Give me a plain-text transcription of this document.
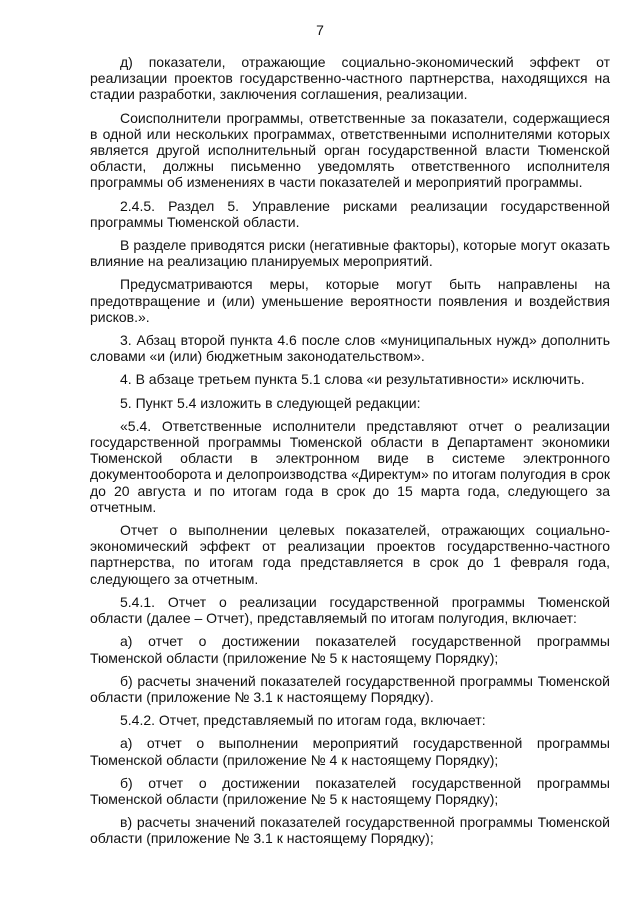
7

д) показатели, отражающие социально-экономический эффект от реализации проектов государственно-частного партнерства, находящихся на стадии разработки, заключения соглашения, реализации.

Соисполнители программы, ответственные за показатели, содержащиеся в одной или нескольких программах, ответственными исполнителями которых является другой исполнительный орган государственной власти Тюменской области, должны письменно уведомлять ответственного исполнителя программы об изменениях в части показателей и мероприятий программы.

2.4.5. Раздел 5. Управление рисками реализации государственной программы Тюменской области.

В разделе приводятся риски (негативные факторы), которые могут оказать влияние на реализацию планируемых мероприятий.

Предусматриваются меры, которые могут быть направлены на предотвращение и (или) уменьшение вероятности появления и воздействия рисков.».

3. Абзац второй пункта 4.6 после слов «муниципальных нужд» дополнить словами «и (или) бюджетным законодательством».

4. В абзаце третьем пункта 5.1 слова «и результативности» исключить.

5. Пункт 5.4 изложить в следующей редакции:

«5.4. Ответственные исполнители представляют отчет о реализации государственной программы Тюменской области в Департамент экономики Тюменской области в электронном виде в системе электронного документооборота и делопроизводства «Директум» по итогам полугодия в срок до 20 августа и по итогам года в срок до 15 марта года, следующего за отчетным.

Отчет о выполнении целевых показателей, отражающих социально-экономический эффект от реализации проектов государственно-частного партнерства, по итогам года представляется в срок до 1 февраля года, следующего за отчетным.

5.4.1. Отчет о реализации государственной программы Тюменской области (далее – Отчет), представляемый по итогам полугодия, включает:

а) отчет о достижении показателей государственной программы Тюменской области (приложение № 5 к настоящему Порядку);

б) расчеты значений показателей государственной программы Тюменской области (приложение № 3.1 к настоящему Порядку).

5.4.2. Отчет, представляемый по итогам года, включает:

а) отчет о выполнении мероприятий государственной программы Тюменской области (приложение № 4 к настоящему Порядку);

б) отчет о достижении показателей государственной программы Тюменской области (приложение № 5 к настоящему Порядку);

в) расчеты значений показателей государственной программы Тюменской области (приложение № 3.1 к настоящему Порядку);
